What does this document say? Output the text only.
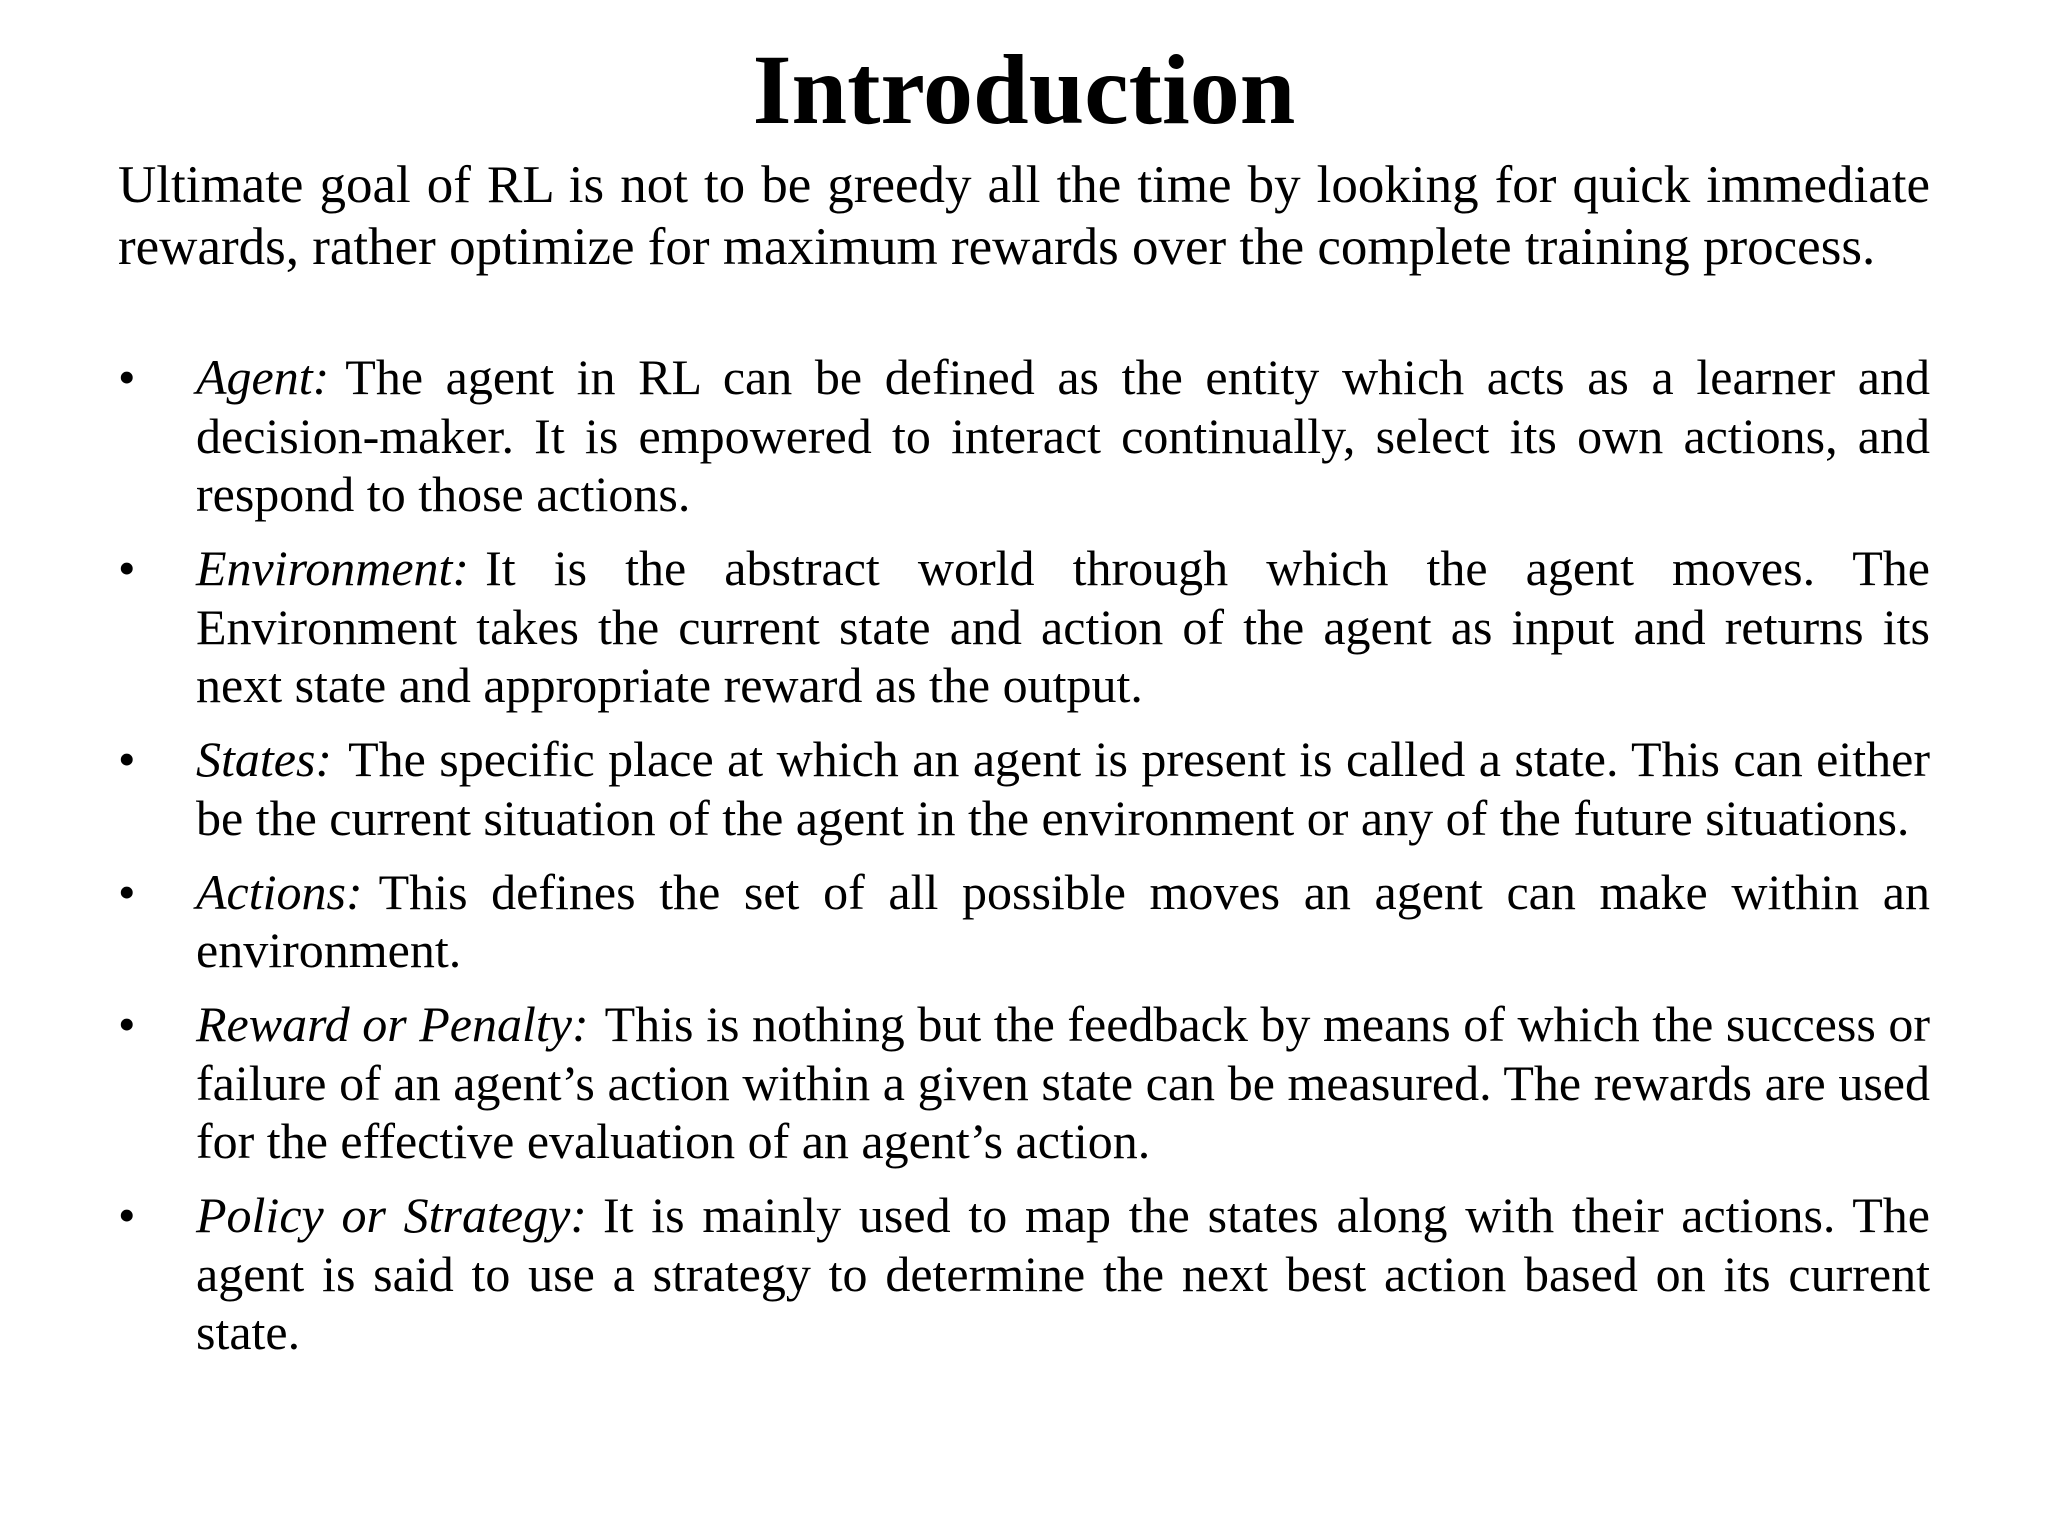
Introduction

Ultimate goal of RL is not to be greedy all the time by looking for quick immediate rewards, rather optimize for maximum rewards over the complete training process.

•	Agent: The agent in RL can be defined as the entity which acts as a learner and decision-maker. It is empowered to interact continually, select its own actions, and respond to those actions.
•	Environment: It is the abstract world through which the agent moves. The Environment takes the current state and action of the agent as input and returns its next state and appropriate reward as the output.
•	States: The specific place at which an agent is present is called a state. This can either be the current situation of the agent in the environment or any of the future situations.
•	Actions: This defines the set of all possible moves an agent can make within an environment.
•	Reward or Penalty: This is nothing but the feedback by means of which the success or failure of an agent’s action within a given state can be measured. The rewards are used for the effective evaluation of an agent’s action.
•	Policy or Strategy: It is mainly used to map the states along with their actions. The agent is said to use a strategy to determine the next best action based on its current state.
